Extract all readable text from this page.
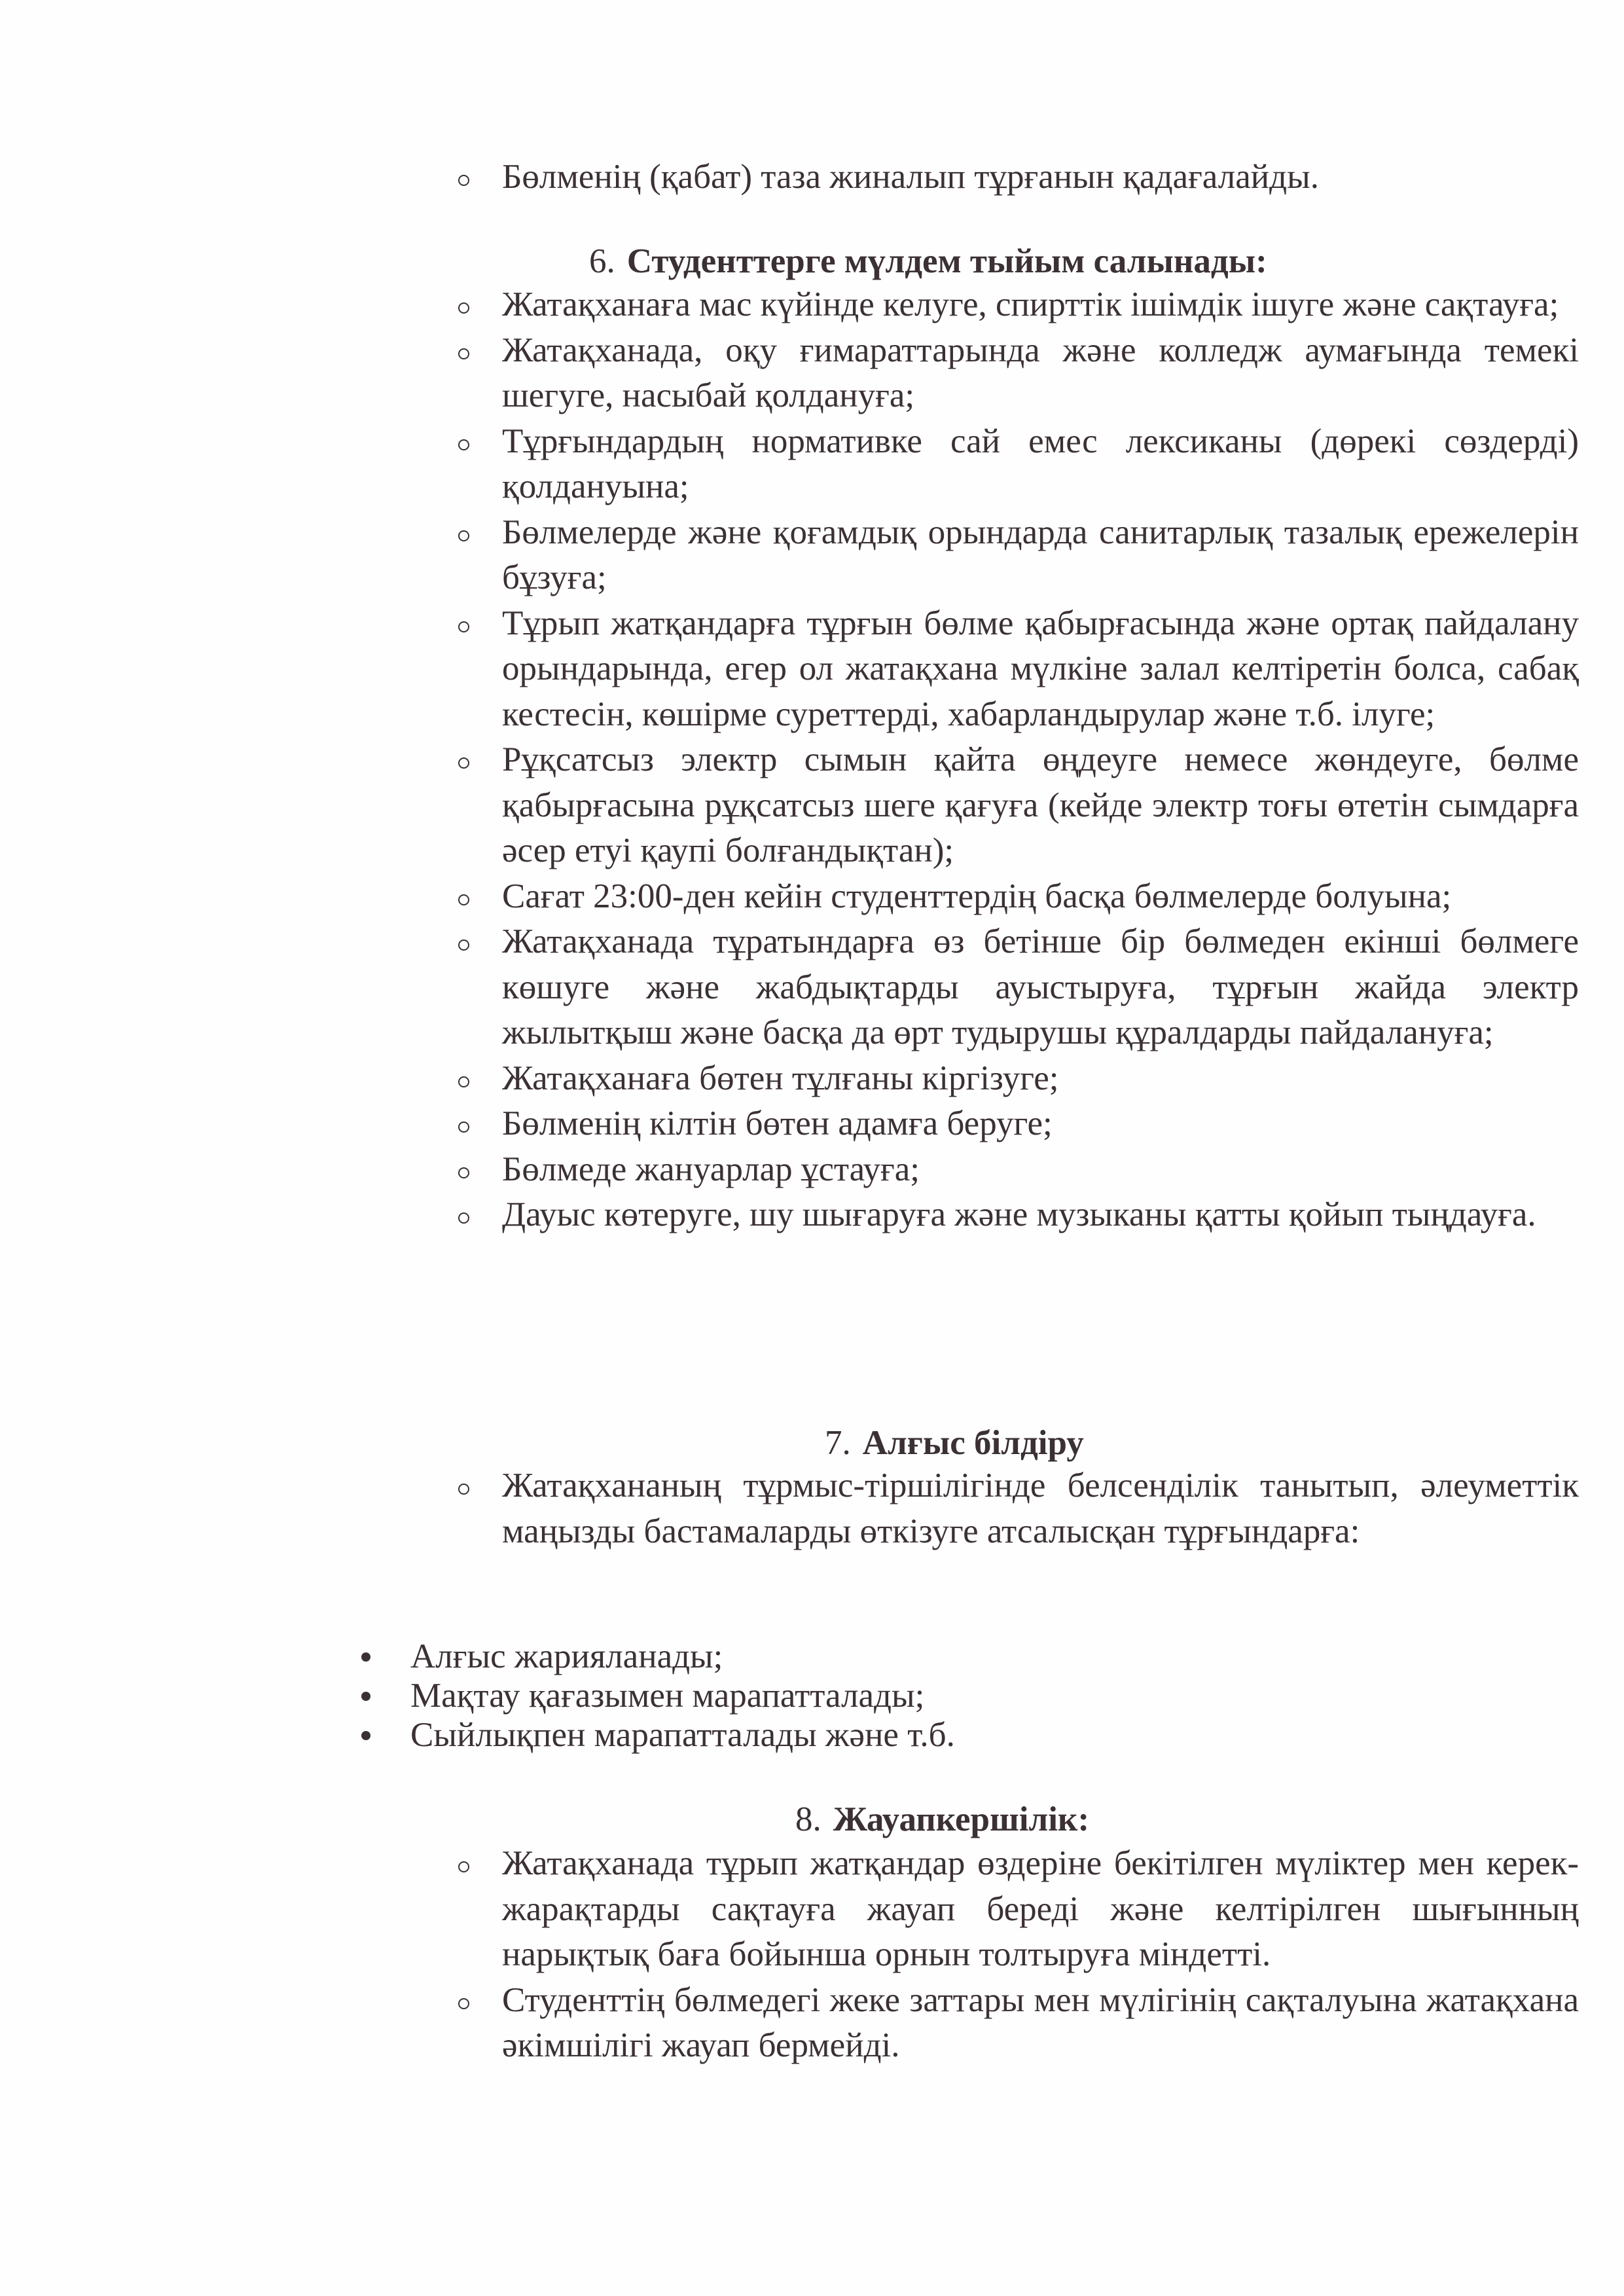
Бөлменің (қабат) таза жиналып тұрғанын қадағалайды.
6. Студенттерге мүлдем тыйым салынады:
Жатақханаға мас күйінде келуге, спирттік ішімдік ішуге және сақтауға;
Жатақханада, оқу ғимараттарында және колледж аумағында темекі шегуге, насыбай қолдануға;
Тұрғындардың нормативке сай емес лексиканы (дөрекі сөздерді) қолдануына;
Бөлмелерде және қоғамдық орындарда санитарлық тазалық ережелерін бұзуға;
Тұрып жатқандарға тұрғын бөлме қабырғасында және ортақ пайдалану орындарында, егер ол жатақхана мүлкіне залал келтіретін болса, сабақ кестесін, көшірме суреттерді, хабарландырулар және т.б. ілуге;
Рұқсатсыз электр сымын қайта өңдеуге немесе жөндеуге, бөлме қабырғасына рұқсатсыз шеге қағуға (кейде электр тоғы өтетін сымдарға әсер етуі қаупі болғандықтан);
Сағат 23:00-ден кейін студенттердің басқа бөлмелерде болуына;
Жатақханада тұратындарға өз бетінше бір бөлмеден екінші бөлмеге көшуге және жабдықтарды ауыстыруға, тұрғын жайда электр жылытқыш және басқа да өрт тудырушы құралдарды пайдалануға;
Жатақханаға бөтен тұлғаны кіргізуге;
Бөлменің кілтін бөтен адамға беруге;
Бөлмеде жануарлар ұстауға;
Дауыс көтеруге, шу шығаруға және музыканы қатты қойып тыңдауға.
7. Алғыс білдіру
Жатақхананың тұрмыс-тіршілігінде белсенділік танытып, әлеуметтік маңызды бастамаларды өткізуге атсалысқан тұрғындарға:
Алғыс жарияланады;
Мақтау қағазымен марапатталады;
Сыйлықпен марапатталады және т.б.
8. Жауапкершілік:
Жатақханада тұрып жатқандар өздеріне бекітілген мүліктер мен керек-жарақтарды сақтауға жауап береді және келтірілген шығынның нарықтық баға бойынша орнын толтыруға міндетті.
Студенттің бөлмедегі жеке заттары мен мүлігінің сақталуына жатақхана әкімшілігі жауап бермейді.
